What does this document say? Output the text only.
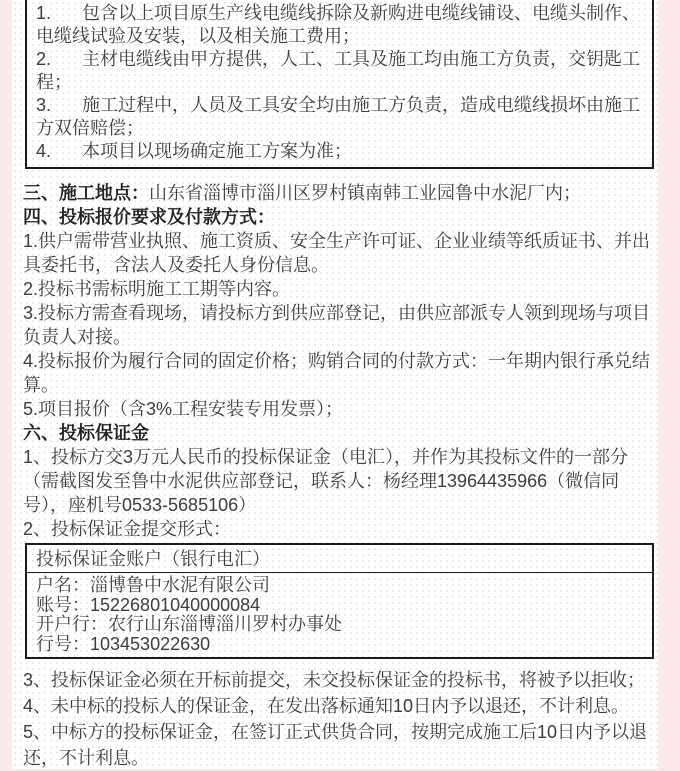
1. 包含以上项目原生产线电缆线拆除及新购进电缆线铺设、电缆头制作、电缆线试验及安装，以及相关施工费用；

2. 主材电缆线由甲方提供，人工、工具及施工均由施工方负责，交钥匙工程；

3. 施工过程中，人员及工具安全均由施工方负责，造成电缆线损坏由施工方双倍赔偿；

4. 本项目以现场确定施工方案为准；

三、施工地点：山东省淄博市淄川区罗村镇南韩工业园鲁中水泥厂内；

四、投标报价要求及付款方式：

1.供户需带营业执照、施工资质、安全生产许可证、企业业绩等纸质证书、并出具委托书，含法人及委托人身份信息。

2.投标书需标明施工工期等内容。

3.投标方需查看现场，请投标方到供应部登记，由供应部派专人领到现场与项目负责人对接。

4.投标报价为履行合同的固定价格；购销合同的付款方式：一年期内银行承兑结算。

5.项目报价（含3%工程安装专用发票）；

六、投标保证金

1、投标方交3万元人民币的投标保证金（电汇），并作为其投标文件的一部分（需截图发至鲁中水泥供应部登记，联系人：杨经理13964435966（微信同号），座机号0533-5685106）

2、投标保证金提交形式：

投标保证金账户（银行电汇）

户名：淄博鲁中水泥有限公司

账号：15226801040000084

开户行：农行山东淄博淄川罗村办事处

行号：103453022630

3、投标保证金必须在开标前提交，未交投标保证金的投标书，将被予以拒收；

4、未中标的投标人的保证金，在发出落标通知10日内予以退还，不计利息。

5、中标方的投标保证金，在签订正式供货合同，按期完成施工后10日内予以退还，不计利息。
